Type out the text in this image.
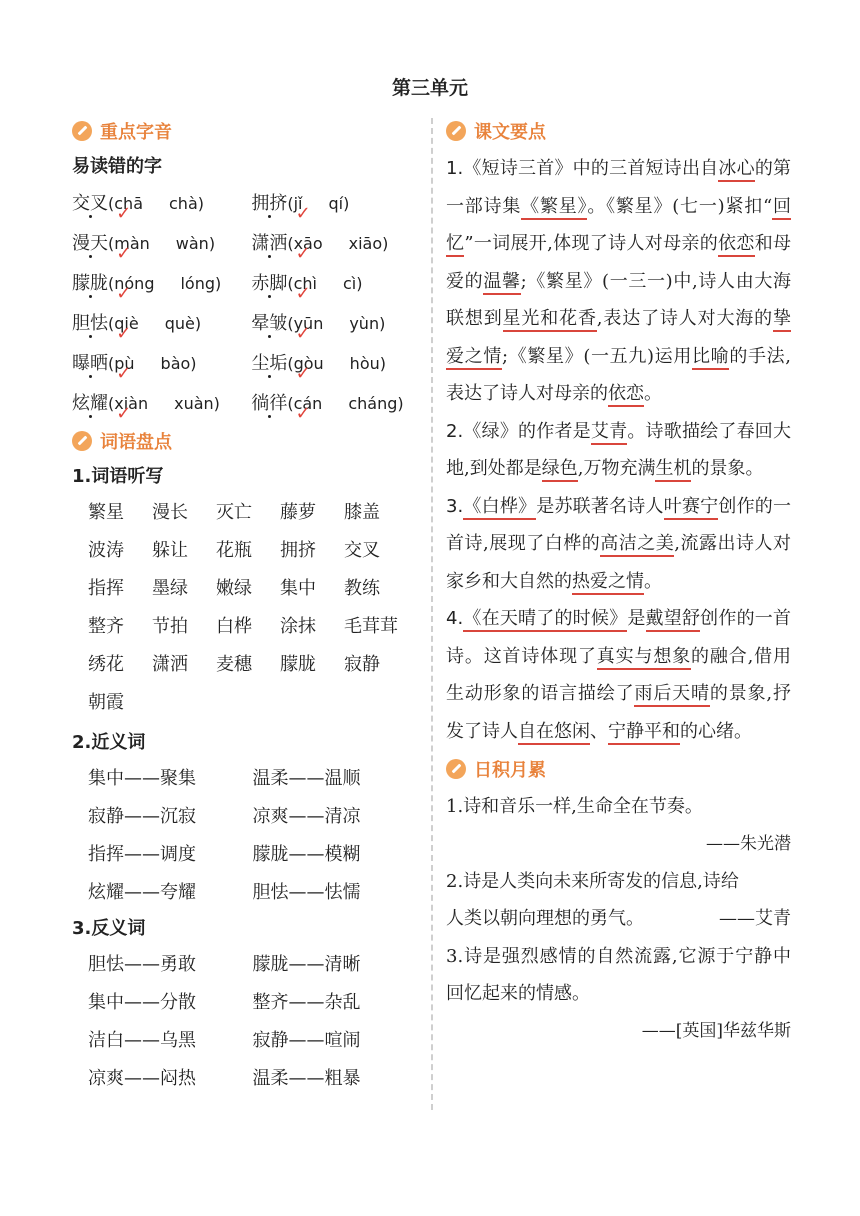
第三单元
重点字音
易读错的字
交叉(chā ✓ chà)	拥挤(jǐ ✓ qí)
漫天(màn ✓ wàn)	潇洒(xāo ✓ xiāo)
朦胧(nóng ✓ lóng)	赤脚(chì ✓ cì)
胆怯(qiè ✓ què)	晕皱(yūn ✓ yùn)
曝晒(pù ✓ bào)	尘垢(gòu ✓ hòu)
炫耀(xiàn ✓ xuàn)	徜徉(cán ✓ cháng)
词语盘点
1.词语听写
繁星	漫长	灭亡	藤萝	膝盖
波涛	躲让	花瓶	拥挤	交叉
指挥	墨绿	嫩绿	集中	教练
整齐	节拍	白桦	涂抹	毛茸茸
绣花	潇洒	麦穗	朦胧	寂静
朝霞
2.近义词
集中——聚集	温柔——温顺
寂静——沉寂	凉爽——清凉
指挥——调度	朦胧——模糊
炫耀——夸耀	胆怯——怯懦
3.反义词
胆怯——勇敢	朦胧——清晰
集中——分散	整齐——杂乱
洁白——乌黑	寂静——喧闹
凉爽——闷热	温柔——粗暴
课文要点
1.《短诗三首》中的三首短诗出自冰心的第一部诗集《繁星》。《繁星》(七一)紧扣“回忆”一词展开,体现了诗人对母亲的依恋和母爱的温馨;《繁星》(一三一)中,诗人由大海联想到星光和花香,表达了诗人对大海的挚爱之情;《繁星》(一五九)运用比喻的手法,表达了诗人对母亲的依恋。
2.《绿》的作者是艾青。诗歌描绘了春回大地,到处都是绿色,万物充满生机的景象。
3.《白桦》是苏联著名诗人叶赛宁创作的一首诗,展现了白桦的高洁之美,流露出诗人对家乡和大自然的热爱之情。
4.《在天晴了的时候》是戴望舒创作的一首诗。这首诗体现了真实与想象的融合,借用生动形象的语言描绘了雨后天晴的景象,抒发了诗人自在悠闲、宁静平和的心绪。
日积月累
1.诗和音乐一样,生命全在节奏。
——朱光潜
2.诗是人类向未来所寄发的信息,诗给
人类以朝向理想的勇气。	——艾青
3.诗是强烈感情的自然流露,它源于宁静中回忆起来的情感。
——[英国]华兹华斯
